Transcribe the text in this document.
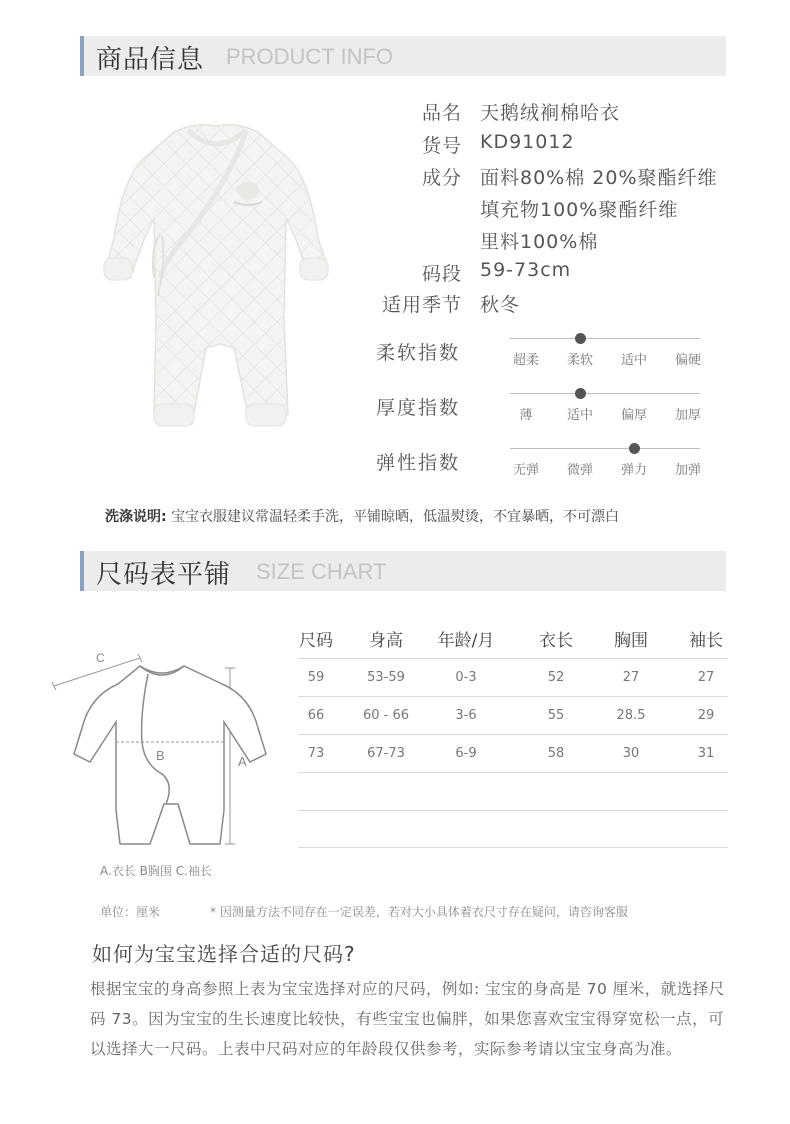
商品信息 PRODUCT INFO
品名 天鹅绒裥棉哈衣
货号 KD91012
成分 面料80%棉 20%聚酯纤维
填充物100%聚酯纤维
里料100%棉
码段 59-73cm
适用季节 秋冬
柔软指数	超柔	柔软	适中	偏硬
厚度指数	薄	适中	偏厚	加厚
弹性指数	无弹	微弹	弹力	加弹
洗涤说明: 宝宝衣服建议常温轻柔手洗，平铺晾晒，低温熨烫，不宜暴晒，不可漂白
尺码表平铺 SIZE CHART
C
A
B
A.衣长 B胸围 C.袖长
尺码	身高	年龄/月	衣长	胸围	袖长
59	53-59	0-3	52	27	27
66	60 - 66	3-6	55	28.5	29
73	67-73	6-9	58	30	31
单位：厘米	* 因测量方法不同存在一定误差，若对大小具体着衣尺寸存在疑问，请咨询客服
如何为宝宝选择合适的尺码?
根据宝宝的身高参照上表为宝宝选择对应的尺码，例如: 宝宝的身高是 70 厘米，就选择尺码 73。因为宝宝的生长速度比较快，有些宝宝也偏胖，如果您喜欢宝宝得穿宽松一点，可以选择大一尺码。上表中尺码对应的年龄段仅供参考，实际参考请以宝宝身高为准。
